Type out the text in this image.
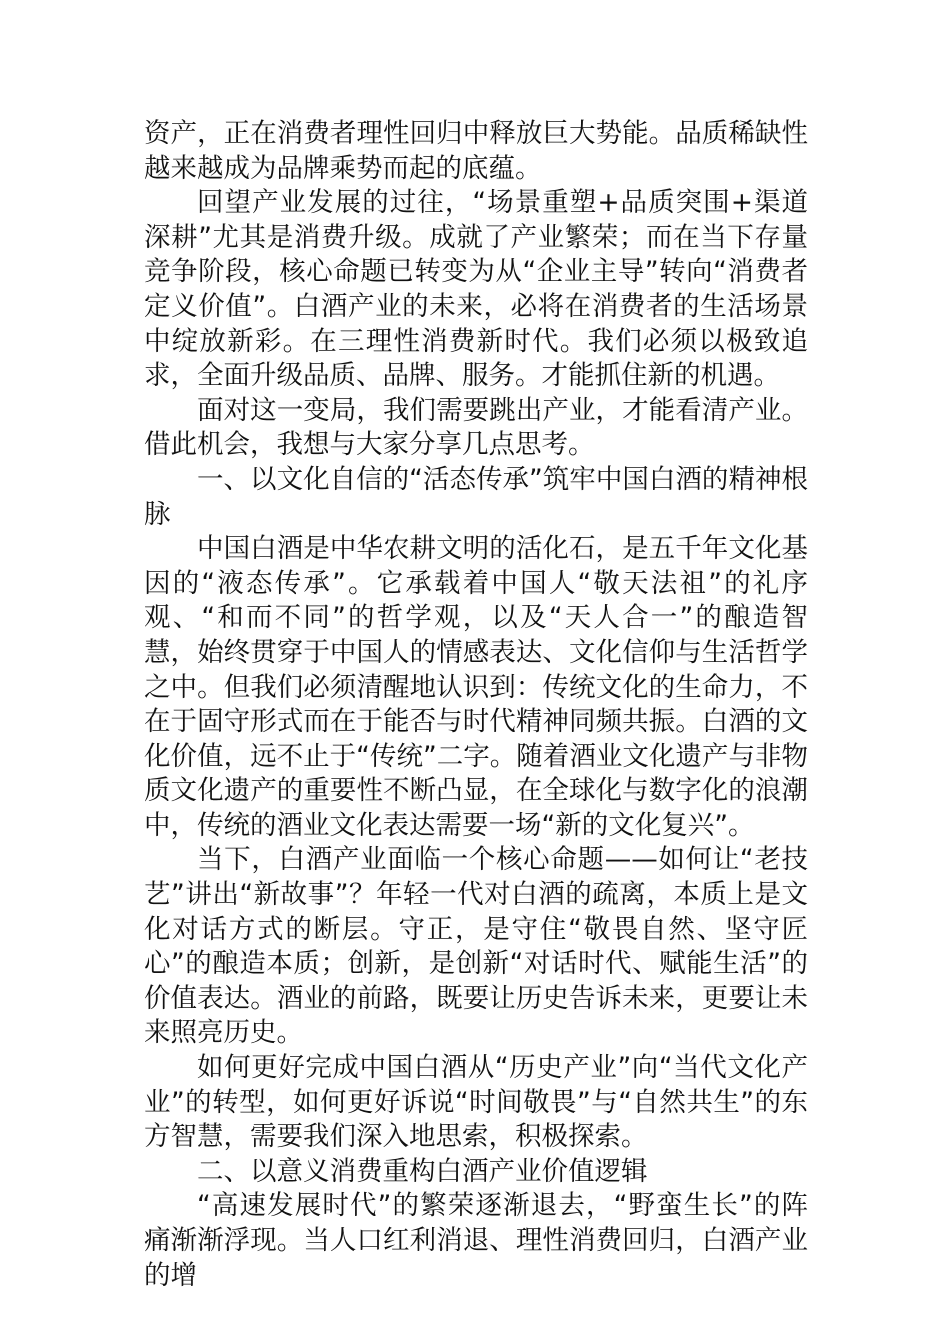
资产，正在消费者理性回归中释放巨大势能。品质稀缺性越来越成为品牌乘势而起的底蕴。

回望产业发展的过往，“场景重塑+品质突围+渠道深耕”尤其是消费升级。成就了产业繁荣；而在当下存量竞争阶段，核心命题已转变为从“企业主导”转向“消费者定义价值”。白酒产业的未来，必将在消费者的生活场景中绽放新彩。在三理性消费新时代。我们必须以极致追求，全面升级品质、品牌、服务。才能抓住新的机遇。

面对这一变局，我们需要跳出产业，才能看清产业。借此机会，我想与大家分享几点思考。

一、以文化自信的“活态传承”筑牢中国白酒的精神根脉

中国白酒是中华农耕文明的活化石，是五千年文化基因的“液态传承”。它承载着中国人“敬天法祖”的礼序观、“和而不同”的哲学观，以及“天人合一”的酿造智慧，始终贯穿于中国人的情感表达、文化信仰与生活哲学之中。但我们必须清醒地认识到：传统文化的生命力，不在于固守形式而在于能否与时代精神同频共振。白酒的文化价值，远不止于“传统”二字。随着酒业文化遗产与非物质文化遗产的重要性不断凸显，在全球化与数字化的浪潮中，传统的酒业文化表达需要一场“新的文化复兴”。

当下，白酒产业面临一个核心命题——如何让“老技艺”讲出“新故事”？年轻一代对白酒的疏离，本质上是文化对话方式的断层。守正，是守住“敬畏自然、坚守匠心”的酿造本质；创新，是创新“对话时代、赋能生活”的价值表达。酒业的前路，既要让历史告诉未来，更要让未来照亮历史。

如何更好完成中国白酒从“历史产业”向“当代文化产业”的转型，如何更好诉说“时间敬畏”与“自然共生”的东方智慧，需要我们深入地思索，积极探索。

二、以意义消费重构白酒产业价值逻辑

“高速发展时代”的繁荣逐渐退去，“野蛮生长”的阵痛渐渐浮现。当人口红利消退、理性消费回归，白酒产业的增
